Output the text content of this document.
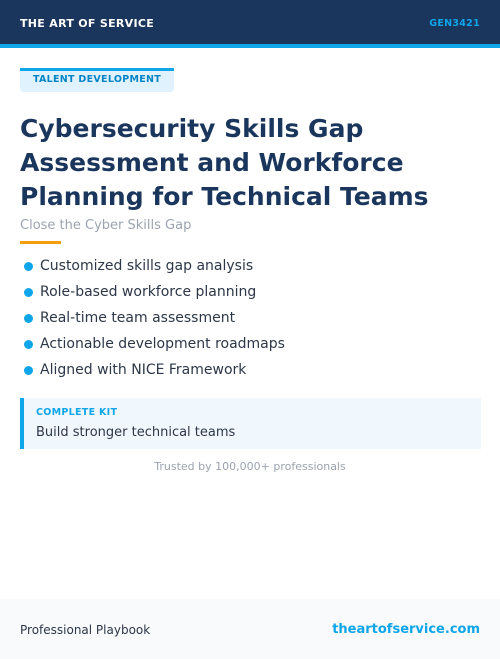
THE ART OF SERVICE	GEN3421
TALENT DEVELOPMENT
Cybersecurity Skills Gap Assessment and Workforce Planning for Technical Teams
Close the Cyber Skills Gap
Customized skills gap analysis
Role-based workforce planning
Real-time team assessment
Actionable development roadmaps
Aligned with NICE Framework
COMPLETE KIT
Build stronger technical teams
Trusted by 100,000+ professionals
Professional Playbook	theartofservice.com
